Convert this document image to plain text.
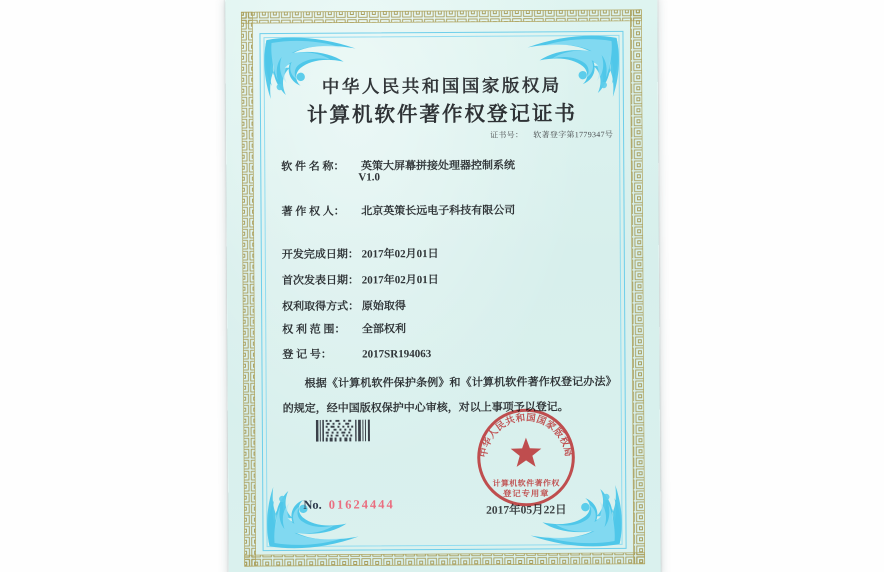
中华人民共和国国家版权局
计算机软件著作权登记证书
证书号： 软著登字第1779347号
软 件 名 称： 英策大屏幕拼接处理器控制系统
V1.0
著 作 权 人： 北京英策长远电子科技有限公司
开发完成日期： 2017年02月01日
首次发表日期： 2017年02月01日
权利取得方式： 原始取得
权 利 范 围： 全部权利
登 记 号：	2017SR194063

根据《计算机软件保护条例》和《计算机软件著作权登记办法》的规定，经中国版权保护中心审核，对以上事项予以登记。

2017年05月22日
中华人民共和国国家版权局
计算机软件著作权
登记专用章
No. 01624444
